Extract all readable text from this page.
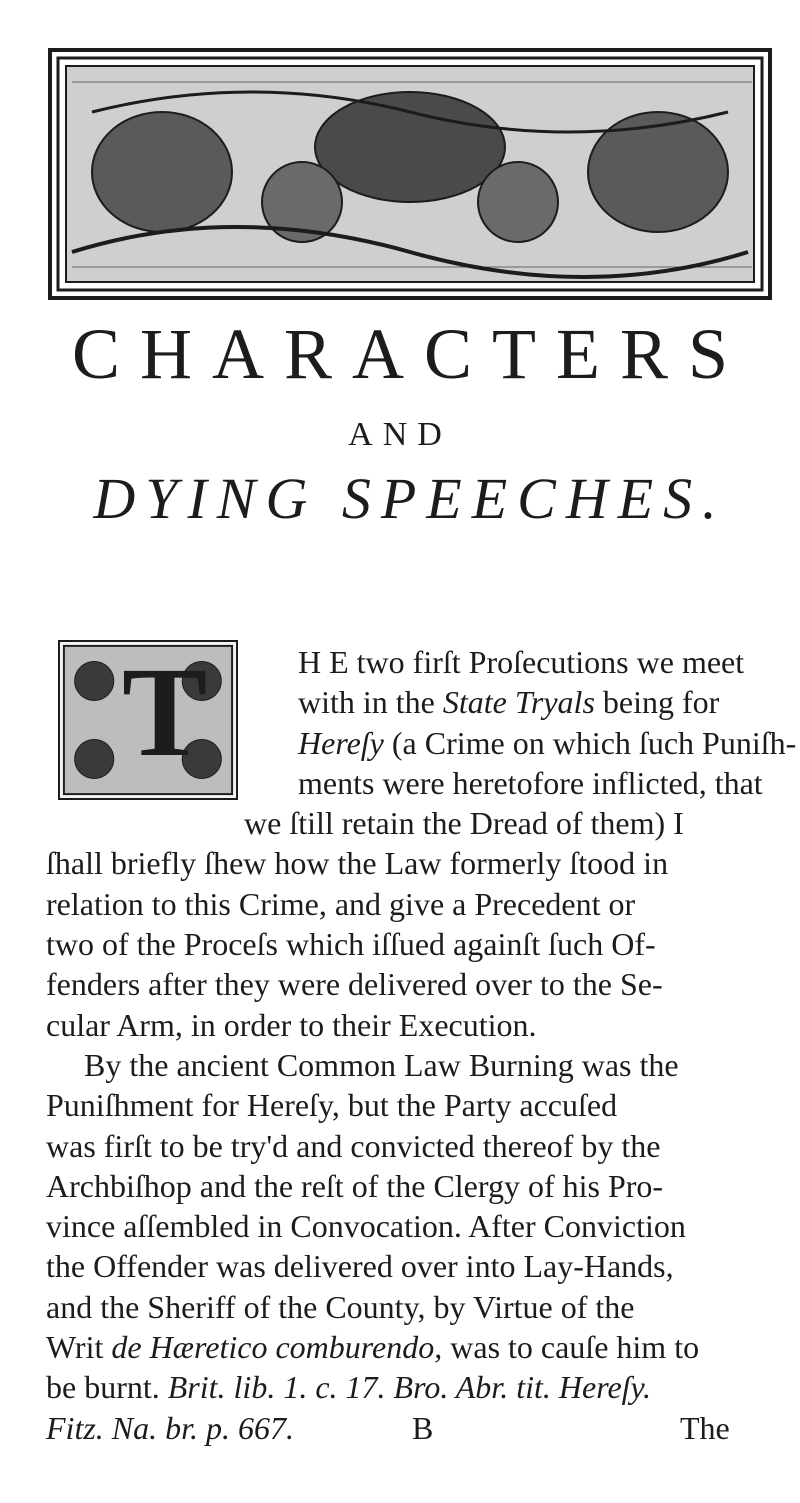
CHARACTERS
AND
DYING SPEECHES.
T	H E two firſt Proſecutions we meet
with in the State Tryals being for
Hereſy (a Crime on which ſuch Puniſh-
ments were heretofore inflicted, that
we ſtill retain the Dread of them) I
ſhall briefly ſhew how the Law formerly ſtood in
relation to this Crime, and give a Precedent or
two of the Proceſs which iſſued againſt ſuch Of-
fenders after they were delivered over to the Se-
cular Arm, in order to their Execution.
By the ancient Common Law Burning was the
Puniſhment for Hereſy, but the Party accuſed
was firſt to be try'd and convicted thereof by the
Archbiſhop and the reſt of the Clergy of his Pro-
vince aſſembled in Convocation. After Conviction
the Offender was delivered over into Lay-Hands,
and the Sheriff of the County, by Virtue of the
Writ de Hæretico comburendo, was to cauſe him to
be burnt. Brit. lib. 1. c. 17. Bro. Abr. tit. Hereſy.
Fitz. Na. br. p. 667.	B	The
